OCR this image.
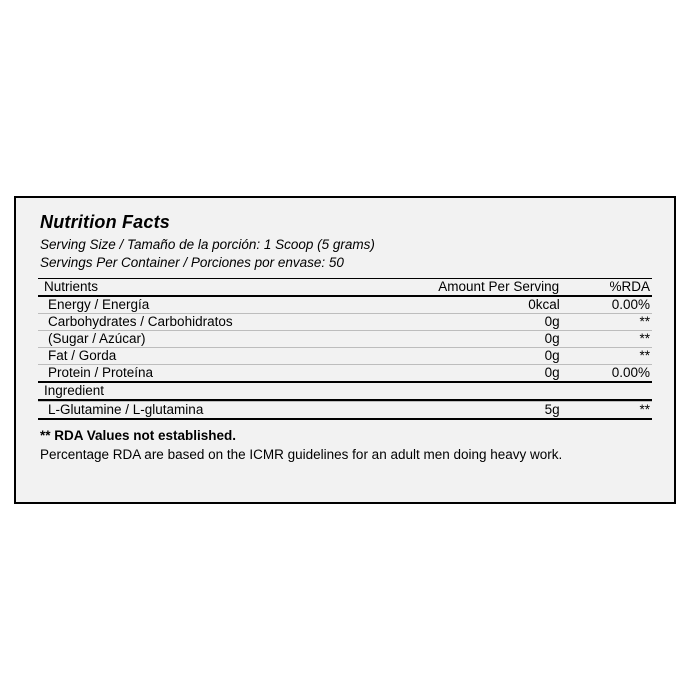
Nutrition Facts
Serving Size / Tamaño de la porción: 1 Scoop (5 grams)
Servings Per Container / Porciones por envase: 50
Nutrients	Amount Per Serving	%RDA
Energy / Energía	0kcal	0.00%
Carbohydrates / Carbohidratos	0g	**
(Sugar / Azúcar)	0g	**
Fat / Gorda	0g	**
Protein / Proteína	0g	0.00%
Ingredient		
L-Glutamine / L-glutamina	5g	**
** RDA Values not established.
Percentage RDA are based on the ICMR guidelines for an adult men doing heavy work.
